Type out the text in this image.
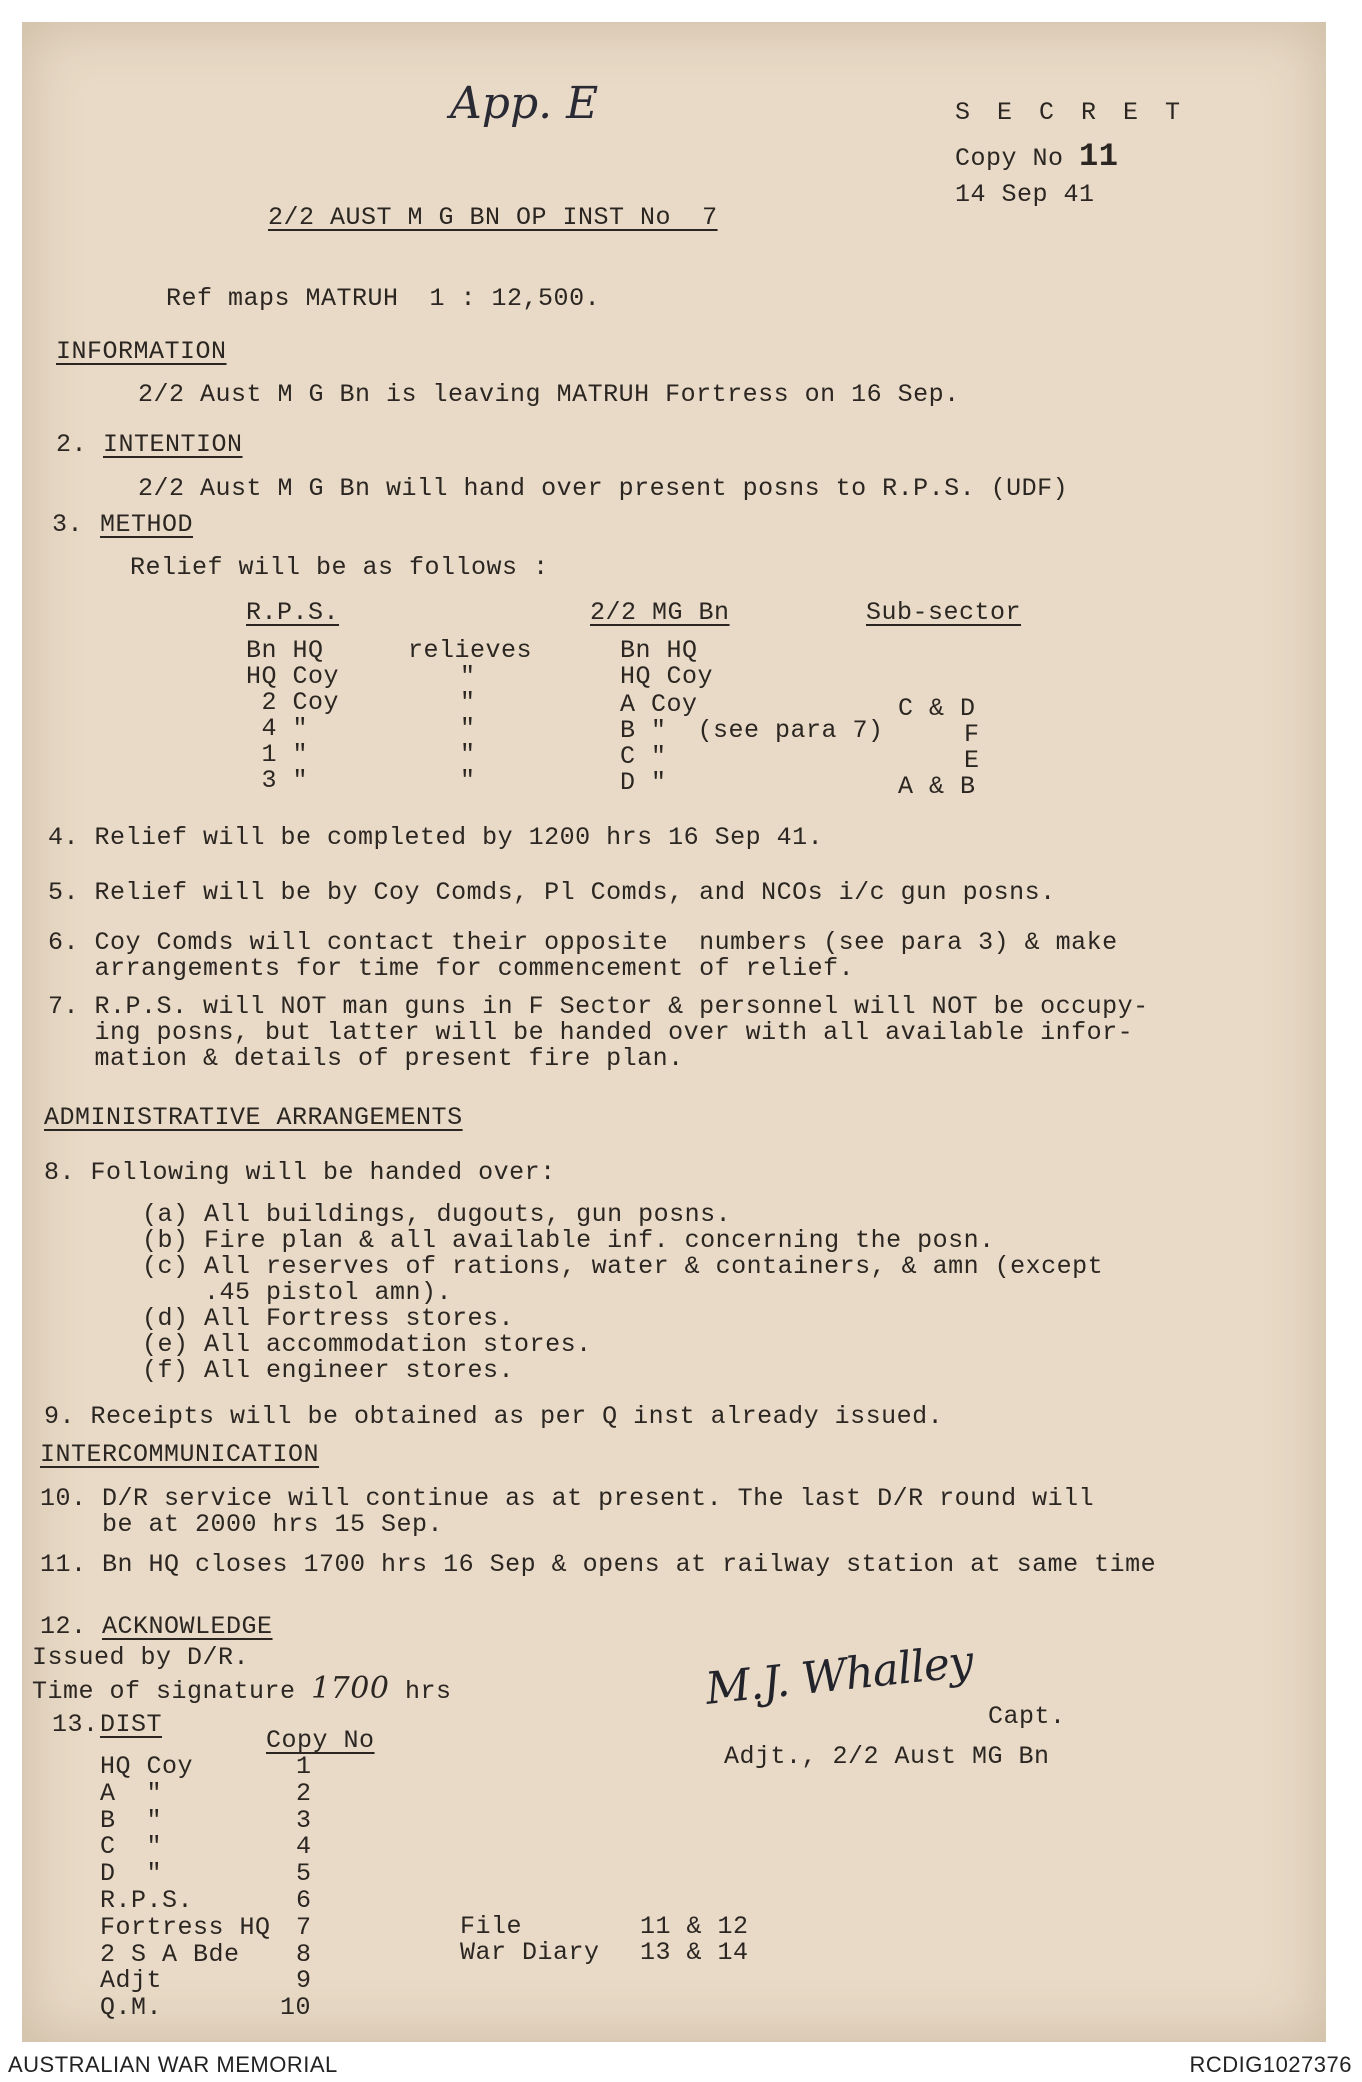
App. E	S E C R E T
Copy No 11
14 Sep 41
2/2 AUST M G BN OP INST No  7
Ref maps MATRUH  1 : 12,500.
INFORMATION
2/2 Aust M G Bn is leaving MATRUH Fortress on 16 Sep.
2. INTENTION
2/2 Aust M G Bn will hand over present posns to R.P.S. (UDF)
3. METHOD
Relief will be as follows :
R.P.S.	2/2 MG Bn	Sub-sector
Bn HQ	relieves	Bn HQ
HQ Coy	"	HQ Coy
2 Coy	"	A Coy	C & D
4 "	"	B "  (see para 7)	F
1 "	"	C "	E
3 "	"	D "	A & B
4. Relief will be completed by 1200 hrs 16 Sep 41.
5. Relief will be by Coy Comds, Pl Comds, and NCOs i/c gun posns.
6. Coy Comds will contact their opposite  numbers (see para 3) & make
arrangements for time for commencement of relief.
7. R.P.S. will NOT man guns in F Sector & personnel will NOT be occupy-
ing posns, but latter will be handed over with all available infor-
mation & details of present fire plan.
ADMINISTRATIVE ARRANGEMENTS
8. Following will be handed over:
(a) All buildings, dugouts, gun posns.
(b) Fire plan & all available inf. concerning the posn.
(c) All reserves of rations, water & containers, & amn (except
.45 pistol amn).
(d) All Fortress stores.
(e) All accommodation stores.
(f) All engineer stores.
9. Receipts will be obtained as per Q inst already issued.
INTERCOMMUNICATION
10. D/R service will continue as at present. The last D/R round will
be at 2000 hrs 15 Sep.
11. Bn HQ closes 1700 hrs 16 Sep & opens at railway station at same time
12. ACKNOWLEDGE
Issued by D/R.
Time of signature 1700 hrs	M.J. Whalley
Capt.
Adjt., 2/2 Aust MG Bn
13. DIST
Copy No
HQ Coy	1
A  "	2
B  "	3
C  "	4
D  "	5
R.P.S.	6
Fortress HQ 7
2 S A Bde 8
Adjt	9
Q.M.	10
File	11 & 12
War Diary 13 & 14
AUSTRALIAN WAR MEMORIAL	RCDIG1027376
